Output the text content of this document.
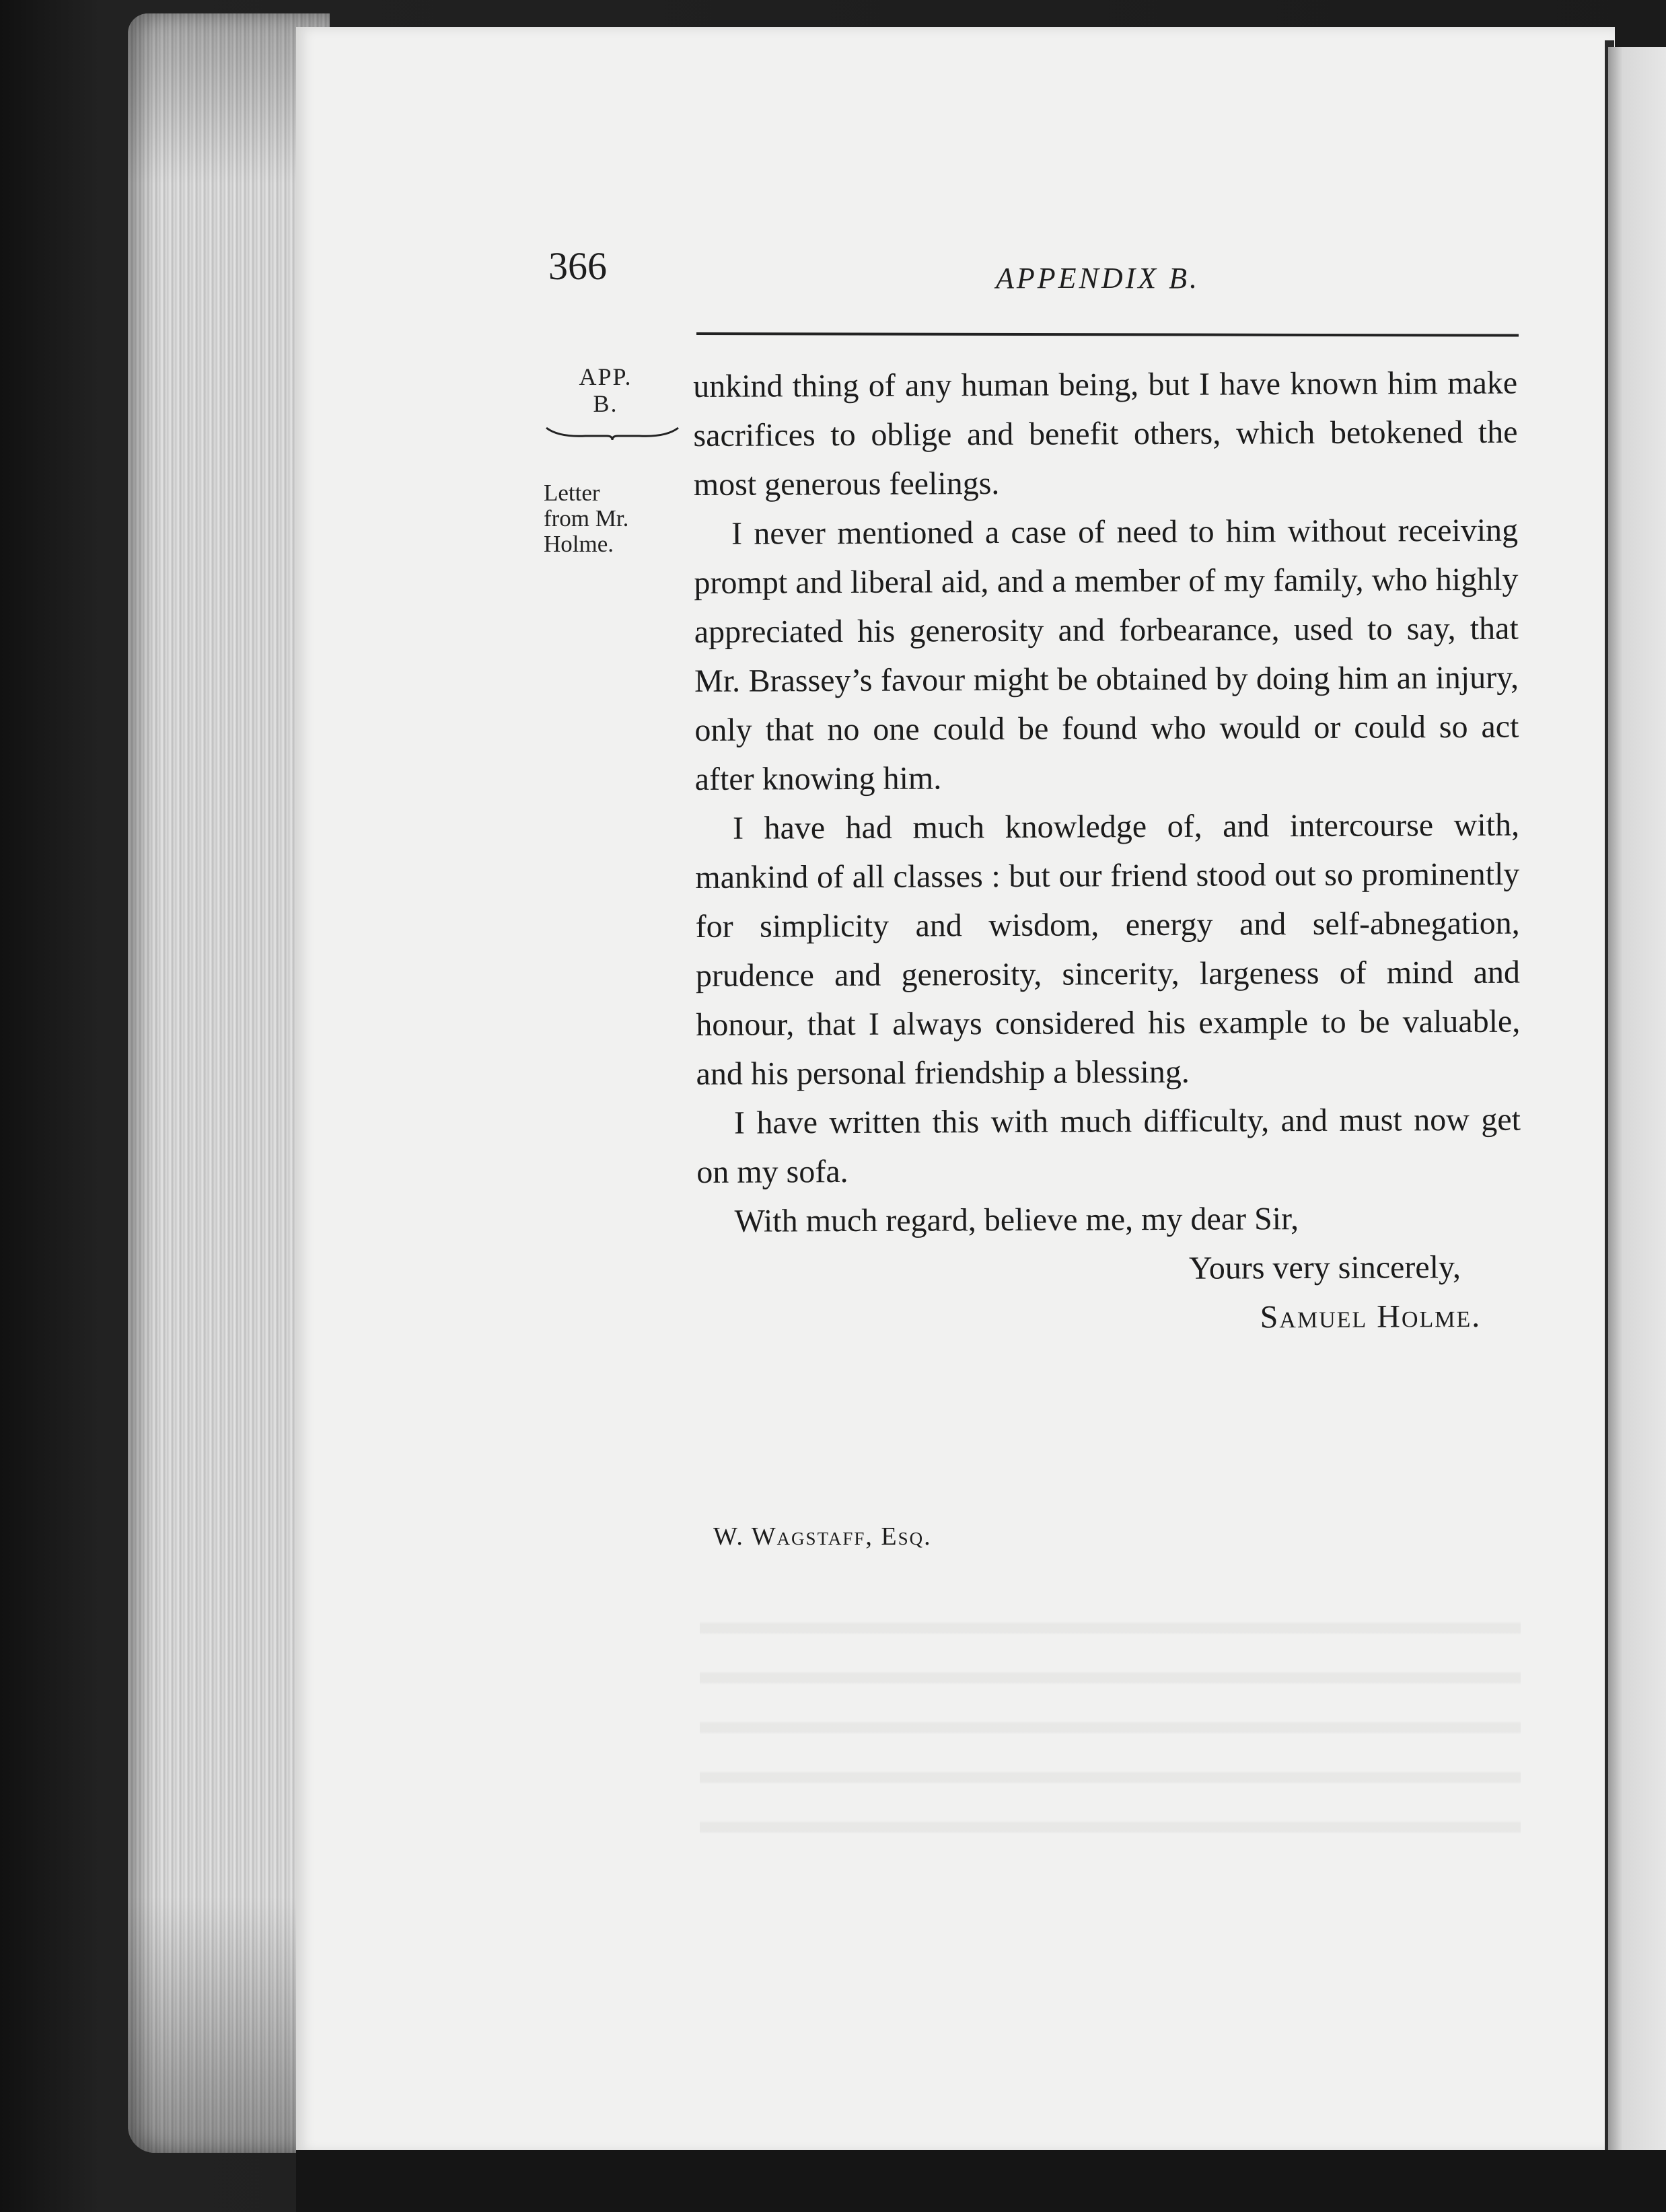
366	APPENDIX B.
APP.
B.
Letter
from Mr.
Holme.

unkind thing of any human being, but I have known him make sacrifices to oblige and benefit others, which betokened the most generous feelings.

I never mentioned a case of need to him without receiving prompt and liberal aid, and a member of my family, who highly appreciated his generosity and forbearance, used to say, that Mr. Brassey’s favour might be obtained by doing him an injury, only that no one could be found who would or could so act after knowing him.

I have had much knowledge of, and intercourse with, mankind of all classes : but our friend stood out so prominently for simplicity and wisdom, energy and self-abnegation, prudence and generosity, sincerity, largeness of mind and honour, that I always considered his example to be valuable, and his personal friendship a blessing.

I have written this with much difficulty, and must now get on my sofa.

With much regard, believe me, my dear Sir,

Yours very sincerely,

Samuel Holme.

W. Wagstaff, Esq.
